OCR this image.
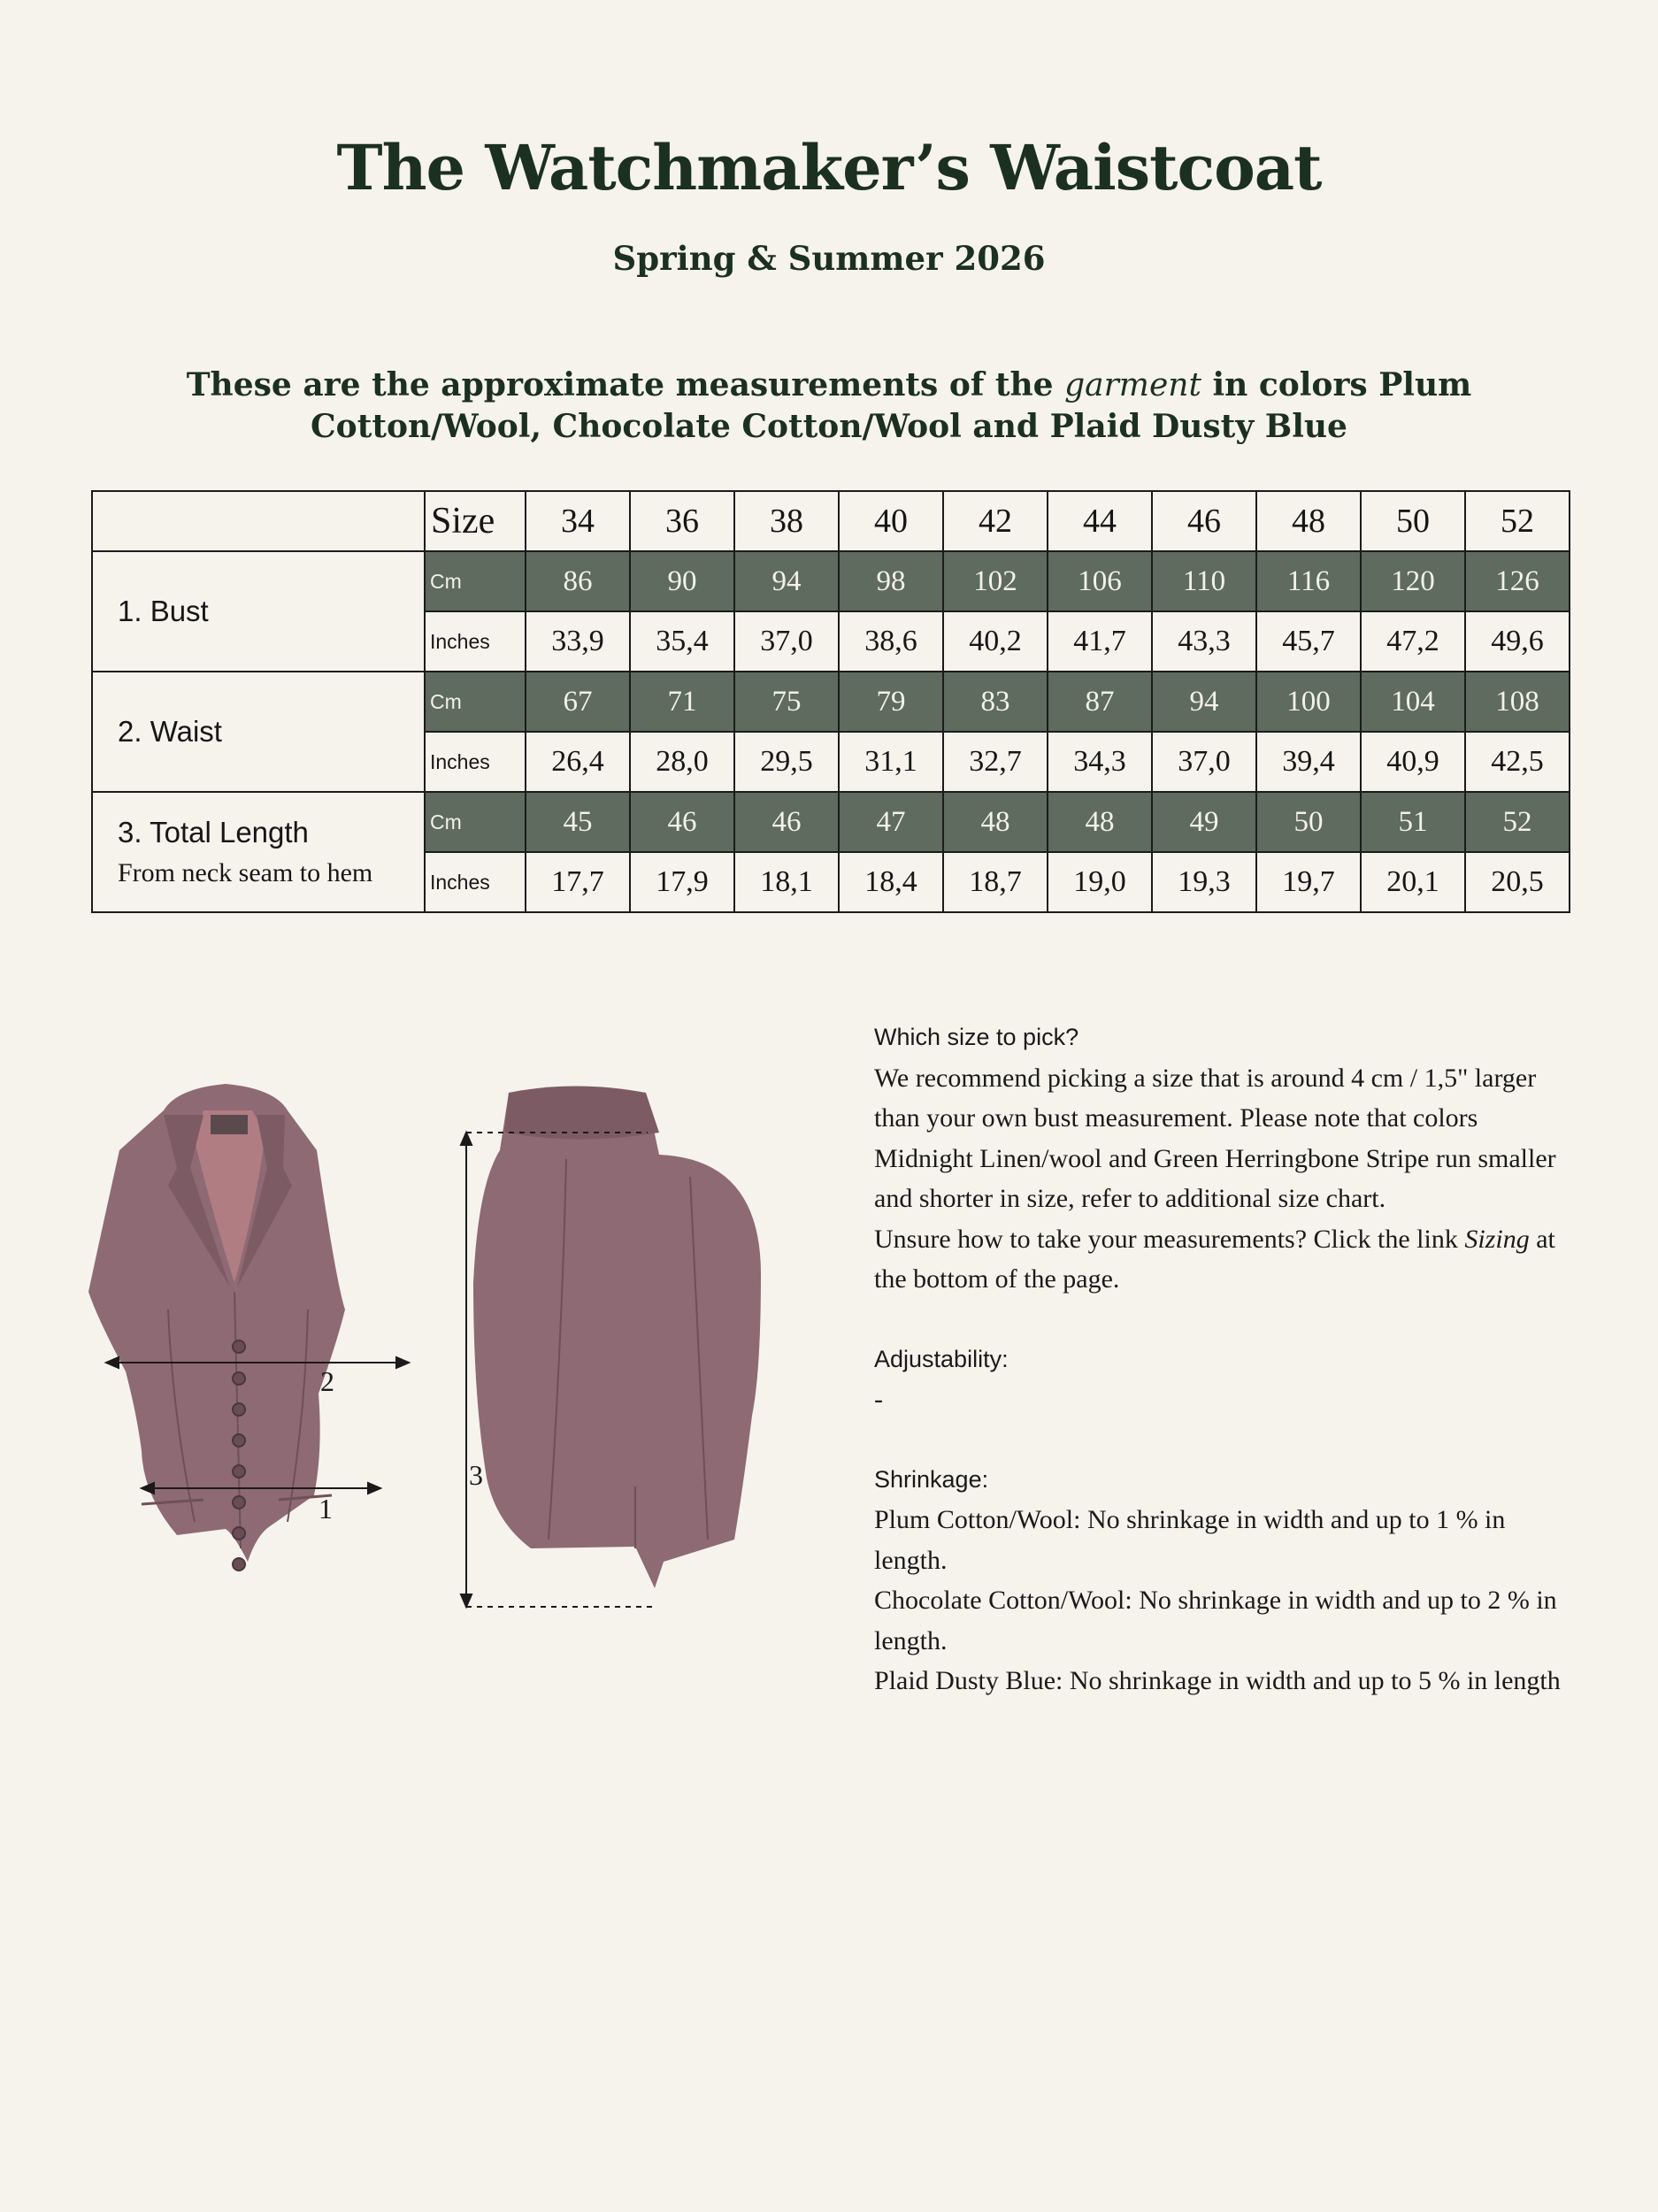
The Watchmaker’s Waistcoat
Spring & Summer 2026
These are the approximate measurements of the garment in colors Plum Cotton/Wool, Chocolate Cotton/Wool and Plaid Dusty Blue
	Size	34	36	38	40	42	44	46	48	50	52
1. Bust	Cm	86	90	94	98	102	106	110	116	120	126
	Inches	33,9	35,4	37,0	38,6	40,2	41,7	43,3	45,7	47,2	49,6
2. Waist	Cm	67	71	75	79	83	87	94	100	104	108
	Inches	26,4	28,0	29,5	31,1	32,7	34,3	37,0	39,4	40,9	42,5
3. Total Length
From neck seam to hem	Cm	45	46	46	47	48	48	49	50	51	52
	Inches	17,7	17,9	18,1	18,4	18,7	19,0	19,3	19,7	20,1	20,5
2
1
3
Which size to pick?

We recommend picking a size that is around 4 cm / 1,5" larger than your own bust measurement. Please note that colors Midnight Linen/wool and Green Herringbone Stripe run smaller and shorter in size, refer to additional size chart.

Unsure how to take your measurements? Click the link Sizing at the bottom of the page.

Adjustability:

-

Shrinkage:

Plum Cotton/Wool: No shrinkage in width and up to 1 % in length.

Chocolate Cotton/Wool: No shrinkage in width and up to 2 % in length.

Plaid Dusty Blue: No shrinkage in width and up to 5 % in length
